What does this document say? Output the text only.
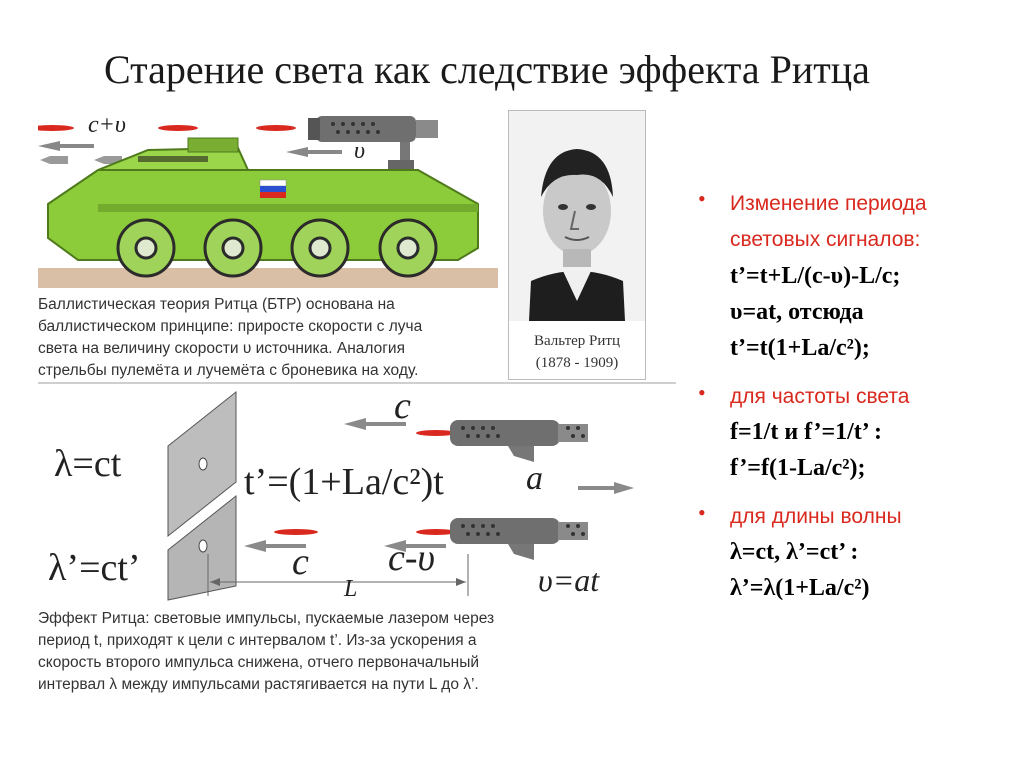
Старение света как следствие эффекта Ритца
c+υ
υ
Баллистическая теория Ритца (БТР) основана на
баллистическом принципе: приросте скорости c луча
света на величину скорости υ источника. Аналогия
стрельбы пулемёта и лучемёта с броневика на ходу.
Вальтер Ритц
(1878 - 1909)
λ=ct
λ’=ct’
t’=(1+La/c²)t
c
a
c c-υ
L	υ=at
Эффект Ритца: световые импульсы, пускаемые лазером через
период t, приходят к цели с интервалом t’. Из-за ускорения a
скорость второго импульса снижена, отчего первоначальный
интервал λ между импульсами растягивается на пути L до λ’.
• Изменение периода
световых сигналов:
t’=t+L/(c-υ)-L/c;
υ=at, отсюда
t’=t(1+La/c²);
• для частоты света
f=1/t и f’=1/t’ :
f’=f(1-La/c²);
• для длины волны
λ=ct, λ’=ct’ :
λ’=λ(1+La/c²)
